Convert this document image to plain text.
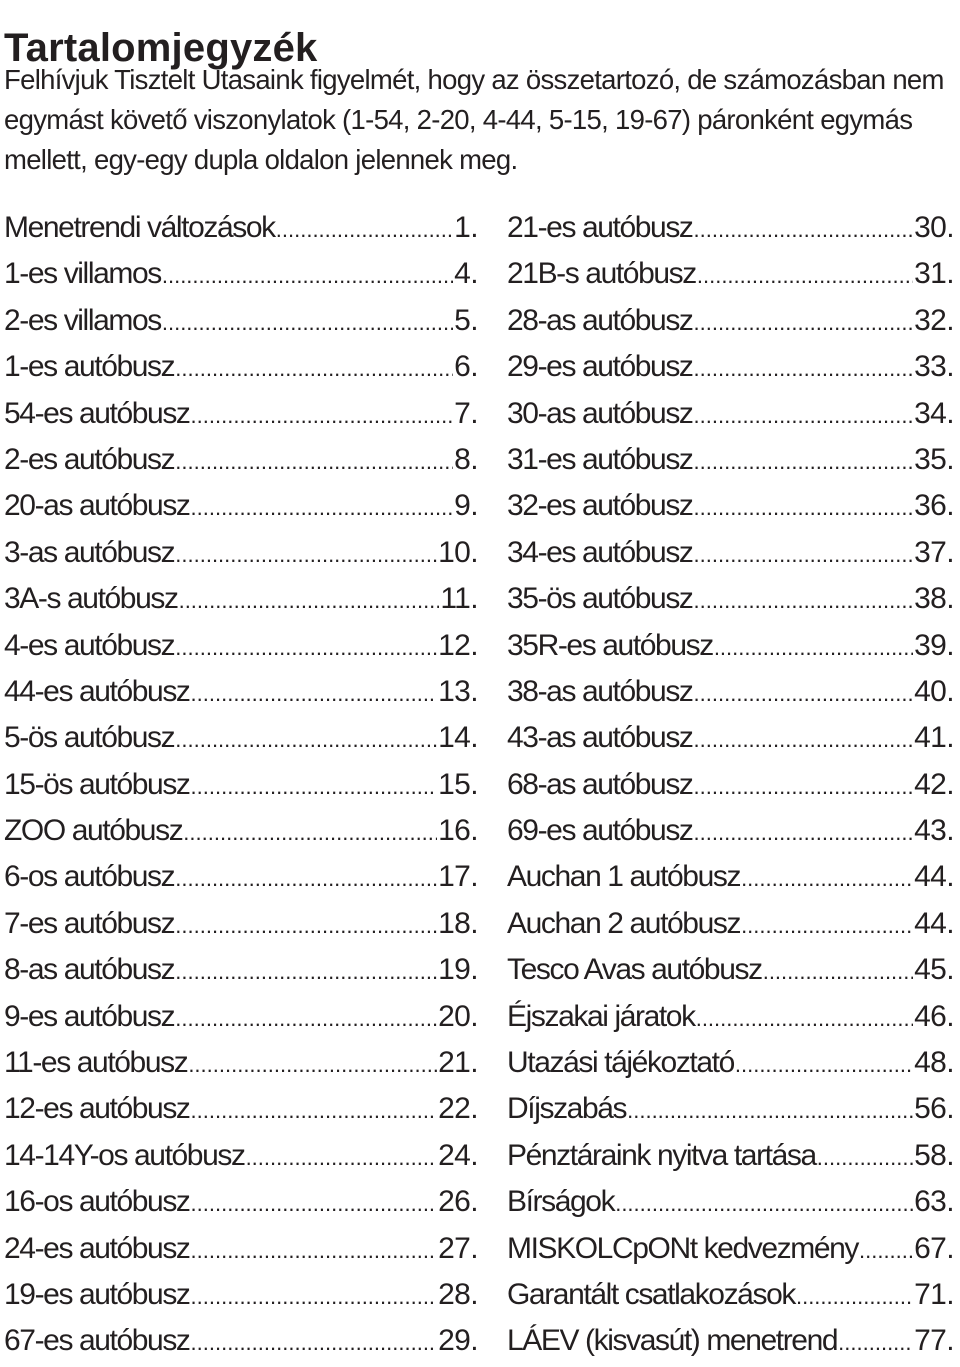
Tartalomjegyzék

Felhívjuk Tisztelt Utasaink figyelmét, hogy az összetartozó, de számozásban nem egymást követő viszonylatok (1-54, 2-20, 4-44, 5-15, 19-67) páronként egymás mellett, egy-egy dupla oldalon jelennek meg.

Menetrendi változások .....	1.
1-es villamos .....	4.
2-es villamos .....	5.
1-es autóbusz .....	6.
54-es autóbusz .....	7.
2-es autóbusz .....	8.
20-as autóbusz .....	9.
3-as autóbusz .....	10.
3A-s autóbusz .....	11.
4-es autóbusz .....	12.
44-es autóbusz .....	13.
5-ös autóbusz .....	14.
15-ös autóbusz .....	15.
ZOO autóbusz .....	16.
6-os autóbusz .....	17.
7-es autóbusz .....	18.
8-as autóbusz .....	19.
9-es autóbusz .....	20.
11-es autóbusz .....	21.
12-es autóbusz .....	22.
14-14Y-os autóbusz .....	24.
16-os autóbusz .....	26.
24-es autóbusz .....	27.
19-es autóbusz .....	28.
67-es autóbusz .....	29.
21-es autóbusz .....	30.
21B-s autóbusz .....	31.
28-as autóbusz .....	32.
29-es autóbusz .....	33.
30-as autóbusz .....	34.
31-es autóbusz .....	35.
32-es autóbusz .....	36.
34-es autóbusz .....	37.
35-ös autóbusz .....	38.
35R-es autóbusz .....	39.
38-as autóbusz .....	40.
43-as autóbusz .....	41.
68-as autóbusz .....	42.
69-es autóbusz .....	43.
Auchan 1 autóbusz .....	44.
Auchan 2 autóbusz .....	44.
Tesco Avas autóbusz .....	45.
Éjszakai járatok .....	46.
Utazási tájékoztató .....	48.
Díjszabás .....	56.
Pénztáraink nyitva tartása .....	58.
Bírságok .....	63.
MISKOLCpONt kedvezmény ..... 67.
Garantált csatlakozások .....	71.
LÁEV (kisvasút) menetrend .....	77.
